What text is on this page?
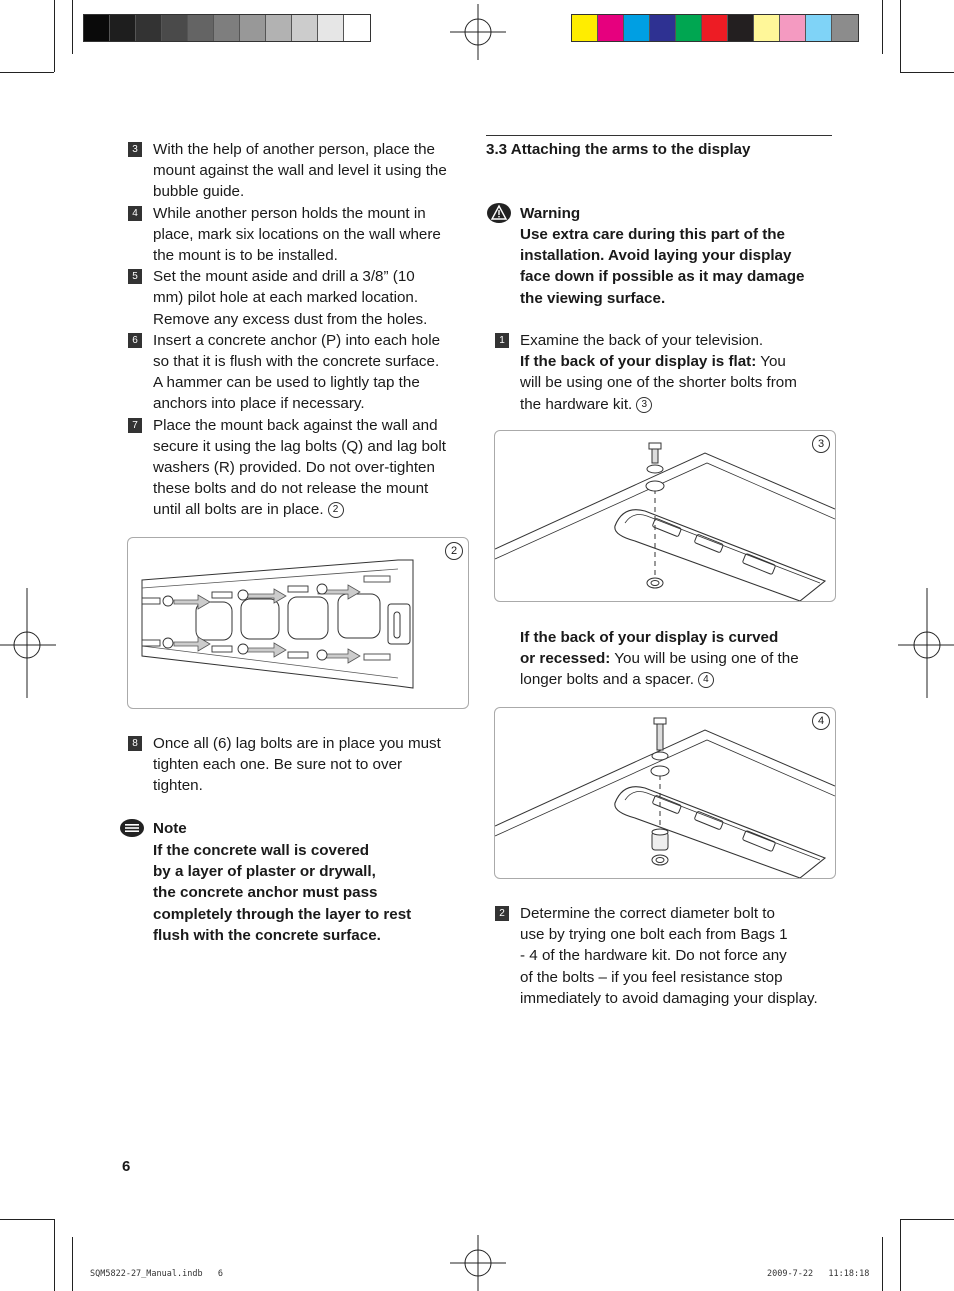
3 With the help of another person, place the
mount against the wall and level it using the
bubble guide.
4 While another person holds the mount in
place, mark six locations on the wall where
the mount is to be installed.
5 Set the mount aside and drill a 3/8” (10
mm) pilot hole at each marked location.
Remove any excess dust from the holes.
6 Insert a concrete anchor (P) into each hole
so that it is flush with the concrete surface.
A hammer can be used to lightly tap the
anchors into place if necessary.
7 Place the mount back against the wall and
secure it using the lag bolts (Q) and lag bolt
washers (R) provided. Do not over-tighten
these bolts and do not release the mount
until all bolts are in place. 2
2
8 Once all (6) lag bolts are in place you must
tighten each one. Be sure not to over
tighten.
Note
If the concrete wall is covered
by a layer of plaster or drywall,
the concrete anchor must pass
completely through the layer to rest
flush with the concrete surface.
3.3 Attaching the arms to the display
Warning
Use extra care during this part of the
installation. Avoid laying your display
face down if possible as it may damage
the viewing surface.
1 Examine the back of your television.
If the back of your display is flat: You
will be using one of the shorter bolts from
the hardware kit. 3
3
If the back of your display is curved
or recessed: You will be using one of the
longer bolts and a spacer. 4
4
2 Determine the correct diameter bolt to
use by trying one bolt each from Bags 1
- 4 of the hardware kit. Do not force any
of the bolts – if you feel resistance stop
immediately to avoid damaging your display.
6
SQM5822-27_Manual.indb   6	2009-7-22   11:18:18
